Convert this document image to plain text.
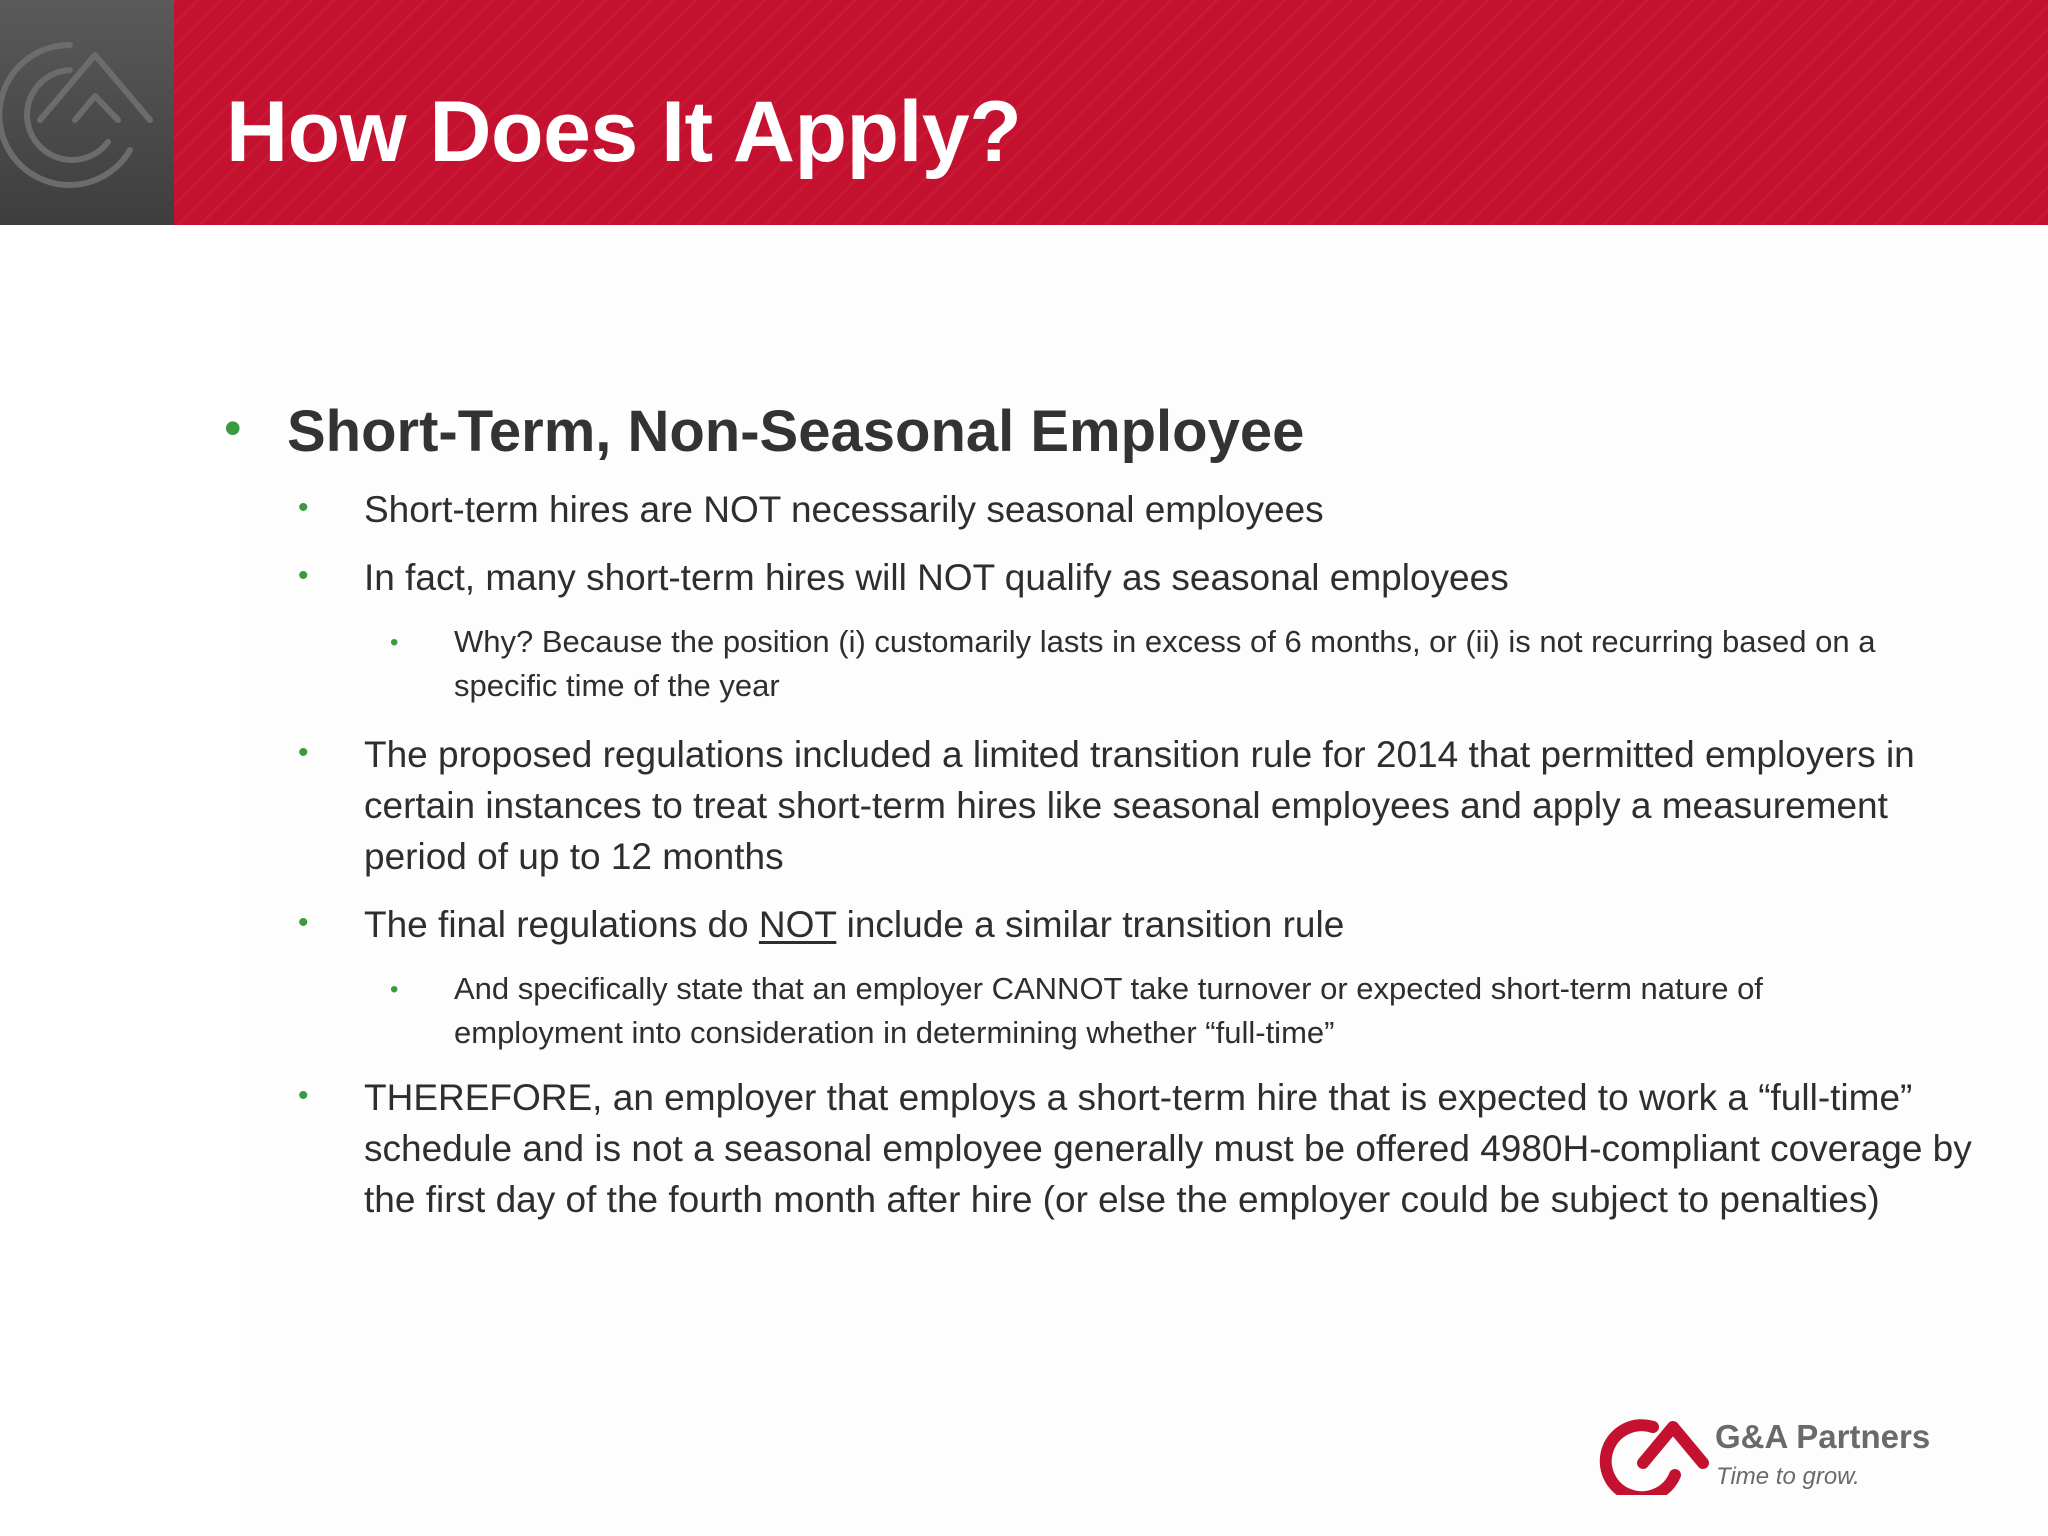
How Does It Apply?
• Short-Term, Non-Seasonal Employee
• Short-term hires are NOT necessarily seasonal employees
• In fact, many short-term hires will NOT qualify as seasonal employees
• Why? Because the position (i) customarily lasts in excess of 6 months, or (ii) is not recurring based on a specific time of the year
• The proposed regulations included a limited transition rule for 2014 that permitted employers in certain instances to treat short-term hires like seasonal employees and apply a measurement period of up to 12 months
• The final regulations do NOT include a similar transition rule
• And specifically state that an employer CANNOT take turnover or expected short-term nature of employment into consideration in determining whether “full-time”
• THEREFORE, an employer that employs a short-term hire that is expected to work a “full-time” schedule and is not a seasonal employee generally must be offered 4980H-compliant coverage by the first day of the fourth month after hire (or else the employer could be subject to penalties)
G&A Partners
Time to grow.
